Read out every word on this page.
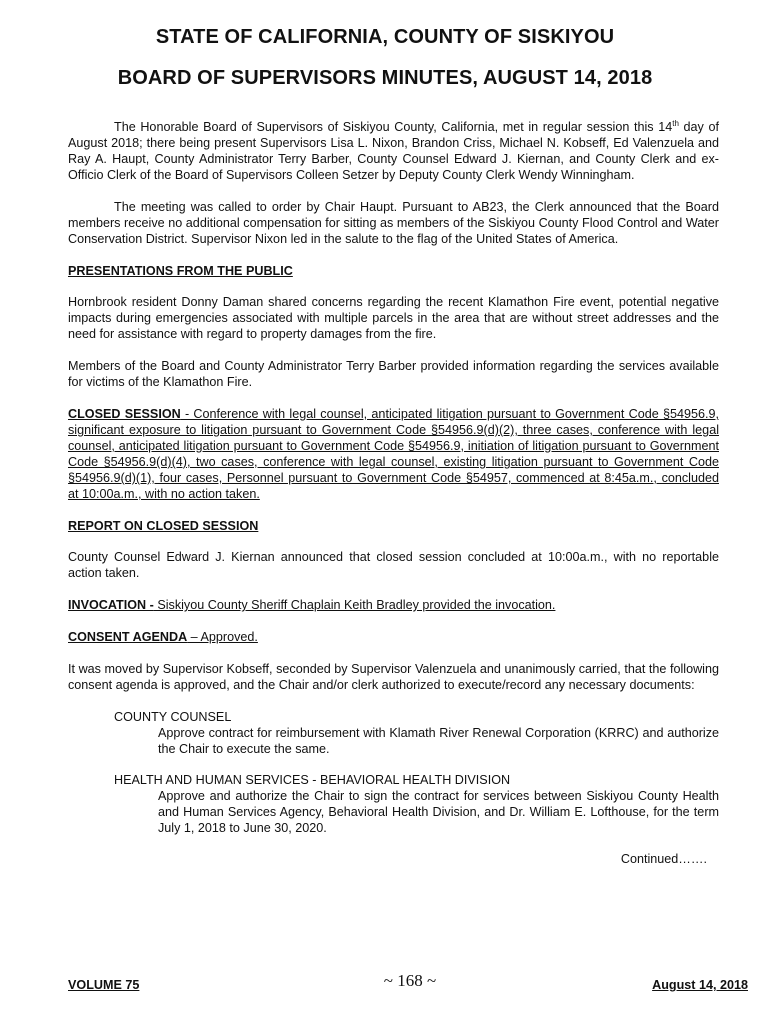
STATE OF CALIFORNIA, COUNTY OF SISKIYOU
BOARD OF SUPERVISORS MINUTES, AUGUST 14, 2018

The Honorable Board of Supervisors of Siskiyou County, California, met in regular session this 14th day of August 2018; there being present Supervisors Lisa L. Nixon, Brandon Criss, Michael N. Kobseff, Ed Valenzuela and Ray A. Haupt, County Administrator Terry Barber, County Counsel Edward J. Kiernan, and County Clerk and ex-Officio Clerk of the Board of Supervisors Colleen Setzer by Deputy County Clerk Wendy Winningham.

The meeting was called to order by Chair Haupt. Pursuant to AB23, the Clerk announced that the Board members receive no additional compensation for sitting as members of the Siskiyou County Flood Control and Water Conservation District. Supervisor Nixon led in the salute to the flag of the United States of America.

PRESENTATIONS FROM THE PUBLIC

Hornbrook resident Donny Daman shared concerns regarding the recent Klamathon Fire event, potential negative impacts during emergencies associated with multiple parcels in the area that are without street addresses and the need for assistance with regard to property damages from the fire.

Members of the Board and County Administrator Terry Barber provided information regarding the services available for victims of the Klamathon Fire.

CLOSED SESSION - Conference with legal counsel, anticipated litigation pursuant to Government Code §54956.9, significant exposure to litigation pursuant to Government Code §54956.9(d)(2), three cases, conference with legal counsel, anticipated litigation pursuant to Government Code §54956.9, initiation of litigation pursuant to Government Code §54956.9(d)(4), two cases, conference with legal counsel, existing litigation pursuant to Government Code §54956.9(d)(1), four cases, Personnel pursuant to Government Code §54957, commenced at 8:45a.m., concluded at 10:00a.m., with no action taken.

REPORT ON CLOSED SESSION

County Counsel Edward J. Kiernan announced that closed session concluded at 10:00a.m., with no reportable action taken.

INVOCATION - Siskiyou County Sheriff Chaplain Keith Bradley provided the invocation.

CONSENT AGENDA – Approved.

It was moved by Supervisor Kobseff, seconded by Supervisor Valenzuela and unanimously carried, that the following consent agenda is approved, and the Chair and/or clerk authorized to execute/record any necessary documents:

COUNTY COUNSEL
Approve contract for reimbursement with Klamath River Renewal Corporation (KRRC) and authorize the Chair to execute the same.
HEALTH AND HUMAN SERVICES - BEHAVIORAL HEALTH DIVISION
Approve and authorize the Chair to sign the contract for services between Siskiyou County Health and Human Services Agency, Behavioral Health Division, and Dr. William E. Lofthouse, for the term July 1, 2018 to June 30, 2020.

Continued…….

VOLUME 75	~ 168 ~	August 14, 2018
